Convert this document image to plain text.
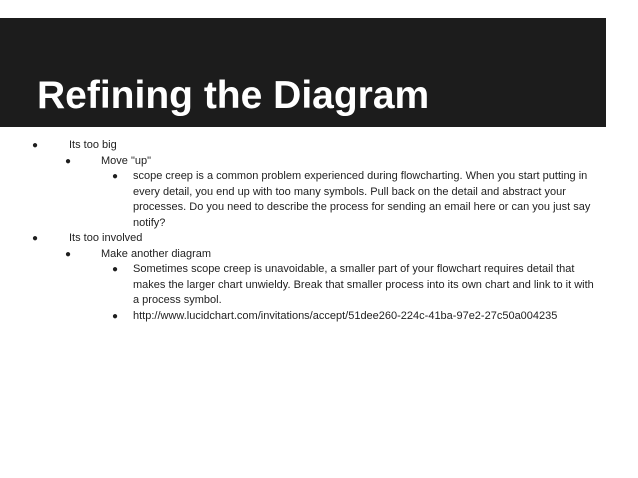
Refining the Diagram
●	Its too big
●	Move "up"
● scope creep is a common problem experienced during flowcharting. When you start putting in every detail, you end up with too many symbols. Pull back on the detail and abstract your processes. Do you need to describe the process for sending an email here or can you just say notify?
●	Its too involved
●	Make another diagram
● Sometimes scope creep is unavoidable, a smaller part of your flowchart requires detail that makes the larger chart unwieldy. Break that smaller process into its own chart and link to it with a process symbol.
● http://www.lucidchart.com/invitations/accept/51dee260-224c-41ba-97e2-27c50a004235
